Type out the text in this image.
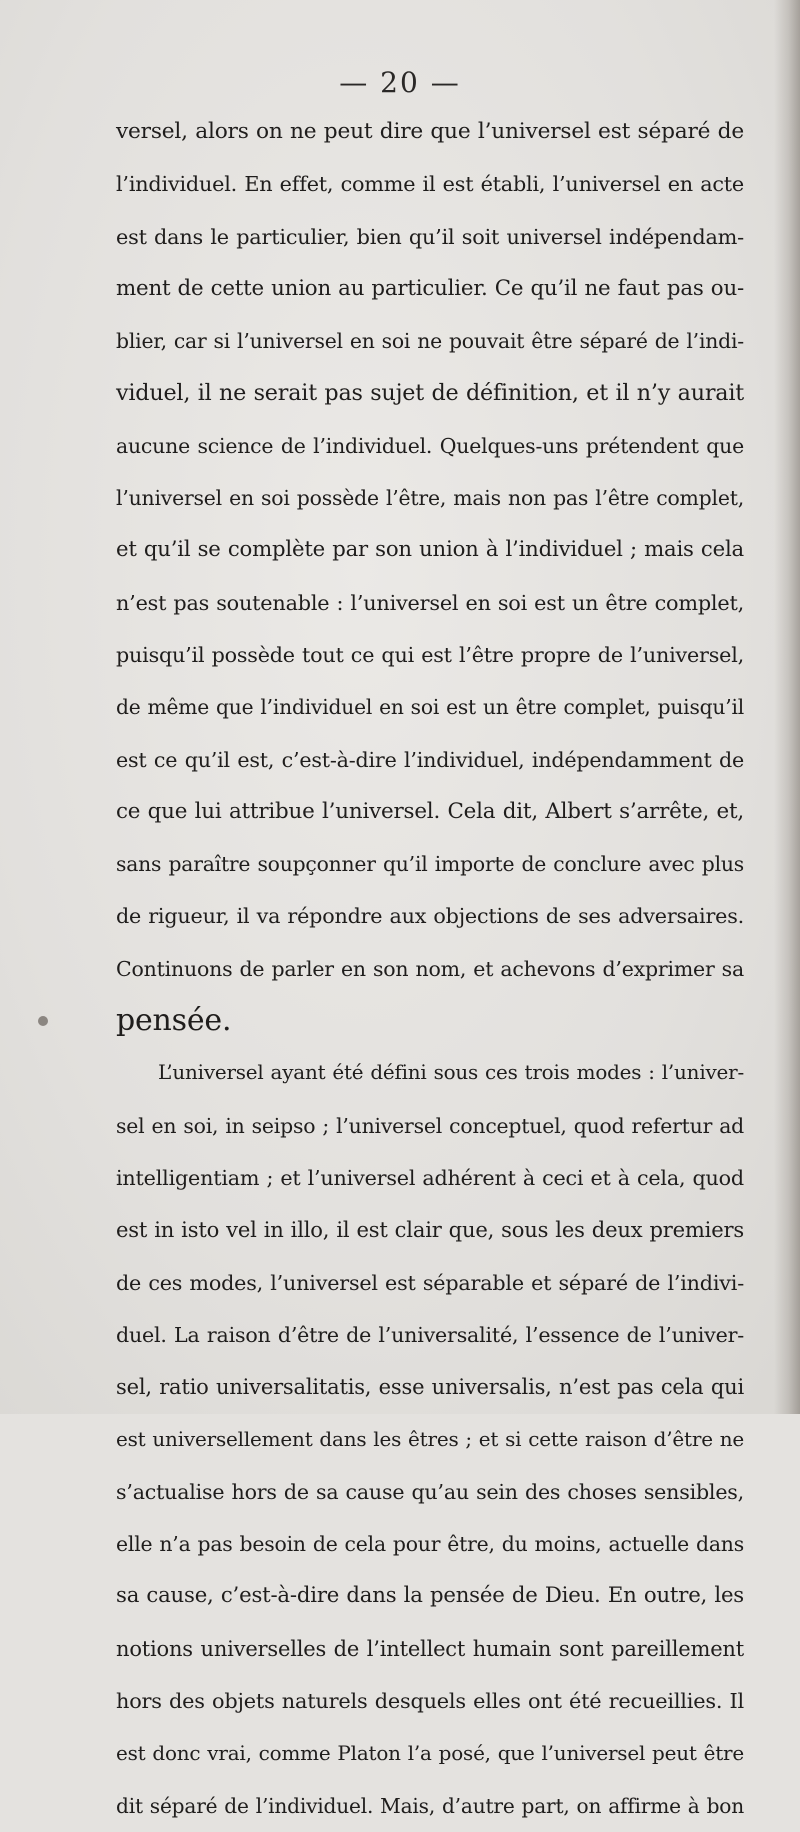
— 20 —
versel, alors on ne peut dire que l’universel est séparé de
l’individuel. En effet, comme il est établi, l’universel en acte
est dans le particulier, bien qu’il soit universel indépendam-
ment de cette union au particulier. Ce qu’il ne faut pas ou-
blier, car si l’universel en soi ne pouvait être séparé de l’indi-
viduel, il ne serait pas sujet de définition, et il n’y aurait
aucune science de l’individuel. Quelques-uns prétendent que
l’universel en soi possède l’être, mais non pas l’être complet,
et qu’il se complète par son union à l’individuel ; mais cela
n’est pas soutenable : l’universel en soi est un être complet,
puisqu’il possède tout ce qui est l’être propre de l’universel,
de même que l’individuel en soi est un être complet, puisqu’il
est ce qu’il est, c’est-à-dire l’individuel, indépendamment de
ce que lui attribue l’universel. Cela dit, Albert s’arrête, et,
sans paraître soupçonner qu’il importe de conclure avec plus
de rigueur, il va répondre aux objections de ses adversaires.
Continuons de parler en son nom, et achevons d’exprimer sa
pensée.
L’universel ayant été défini sous ces trois modes : l’univer-
sel en soi, in seipso ; l’universel conceptuel, quod refertur ad
intelligentiam ; et l’universel adhérent à ceci et à cela, quod
est in isto vel in illo, il est clair que, sous les deux premiers
de ces modes, l’universel est séparable et séparé de l’indivi-
duel. La raison d’être de l’universalité, l’essence de l’univer-
sel, ratio universalitatis, esse universalis, n’est pas cela qui
est universellement dans les êtres ; et si cette raison d’être ne
s’actualise hors de sa cause qu’au sein des choses sensibles,
elle n’a pas besoin de cela pour être, du moins, actuelle dans
sa cause, c’est-à-dire dans la pensée de Dieu. En outre, les
notions universelles de l’intellect humain sont pareillement
hors des objets naturels desquels elles ont été recueillies. Il
est donc vrai, comme Platon l’a posé, que l’universel peut être
dit séparé de l’individuel. Mais, d’autre part, on affirme à bon
